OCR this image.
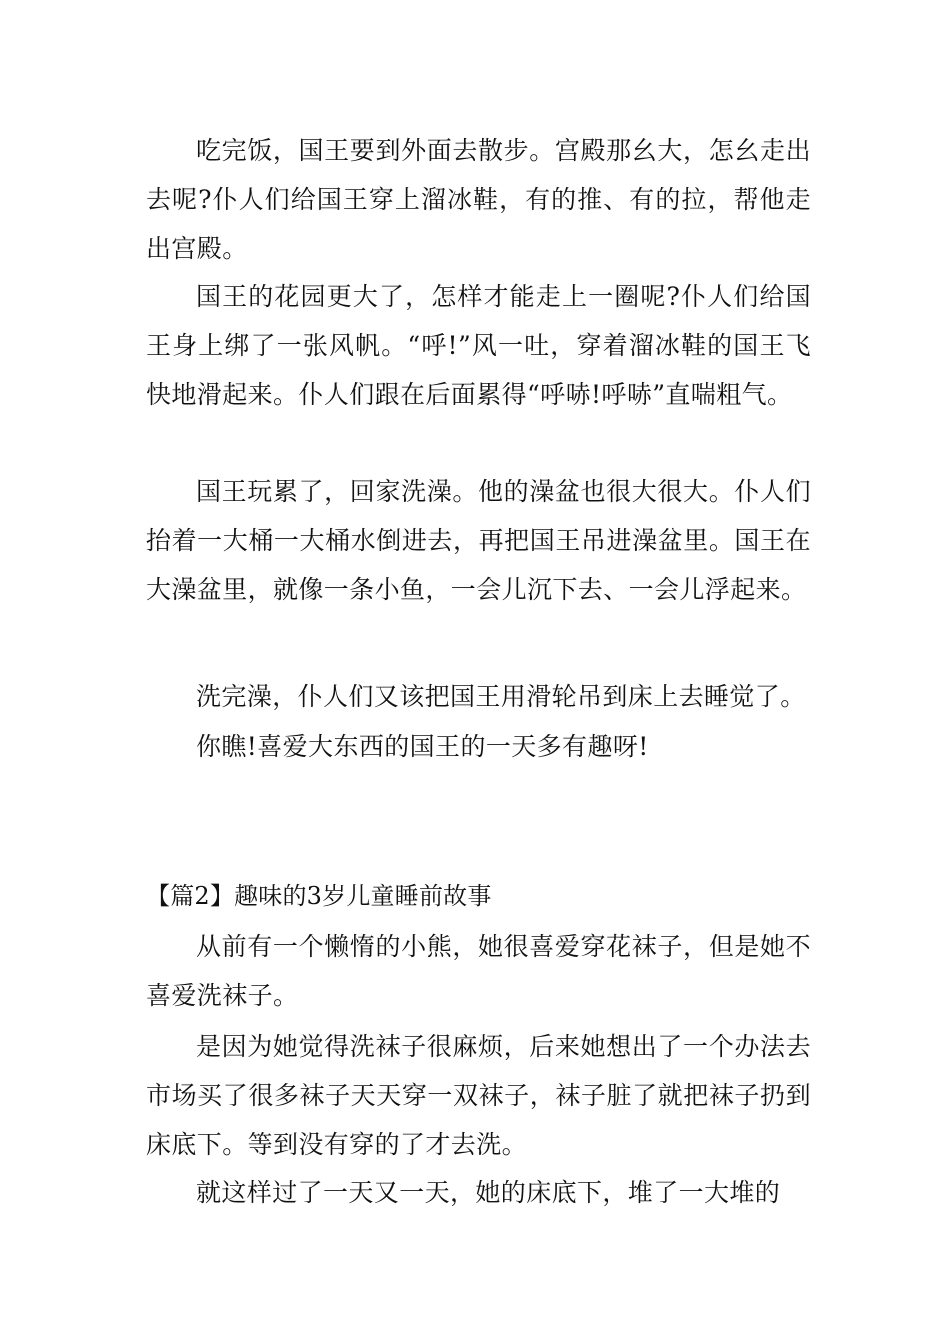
吃完饭，国王要到外面去散步。宫殿那幺大，怎幺走出去呢?仆人们给国王穿上溜冰鞋，有的推、有的拉，帮他走出宫殿。

国王的花园更大了，怎样才能走上一圈呢?仆人们给国王身上绑了一张风帆。“呼!”风一吐，穿着溜冰鞋的国王飞快地滑起来。仆人们跟在后面累得“呼哧!呼哧”直喘粗气。

国王玩累了，回家洗澡。他的澡盆也很大很大。仆人们抬着一大桶一大桶水倒进去，再把国王吊进澡盆里。国王在大澡盆里，就像一条小鱼，一会儿沉下去、一会儿浮起来。

洗完澡，仆人们又该把国王用滑轮吊到床上去睡觉了。

你瞧!喜爱大东西的国王的一天多有趣呀!

【篇2】趣味的3岁儿童睡前故事

从前有一个懒惰的小熊，她很喜爱穿花袜子，但是她不喜爱洗袜子。

是因为她觉得洗袜子很麻烦，后来她想出了一个办法去市场买了很多袜子天天穿一双袜子，袜子脏了就把袜子扔到床底下。等到没有穿的了才去洗。

就这样过了一天又一天，她的床底下，堆了一大堆的
